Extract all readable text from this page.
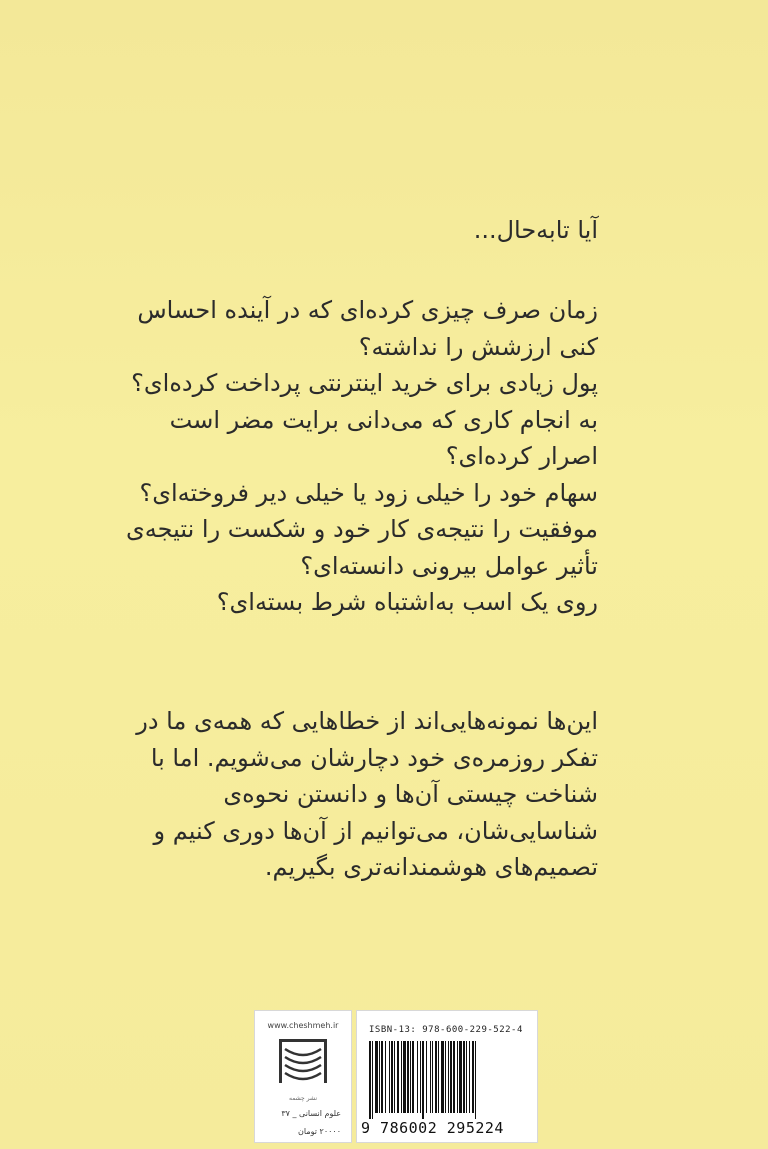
آیا تابه‌حال...
زمان صرف چیزی کرده‌ای که در آینده احساس
کنی ارزشش را نداشته؟
پول زیادی برای خرید اینترنتی پرداخت کرده‌ای؟
به انجام کاری که می‌دانی برایت مضر است
اصرار کرده‌ای؟
سهام خود را خیلی زود یا خیلی دیر فروخته‌ای؟
موفقیت را نتیجه‌ی کار خود و شکست را نتیجه‌ی
تأثیر عوامل بیرونی دانسته‌ای؟
روی یک اسب به‌اشتباه شرط بسته‌ای؟
این‌ها نمونه‌هایی‌اند از خطاهایی که همه‌ی ما در
تفکر روزمره‌ی خود دچارشان می‌شویم. اما با
شناخت چیستی آن‌ها و دانستن نحوه‌ی
شناسایی‌شان، می‌توانیم از آن‌ها دوری کنیم و
تصمیم‌های هوشمندانه‌تری بگیریم.
www.cheshmeh.ir
نشر چشمه
علوم انسانی _ ۳۷
۲۰۰۰۰ تومان
ISBN-13: 978-600-229-522-4
9 786002 295224
